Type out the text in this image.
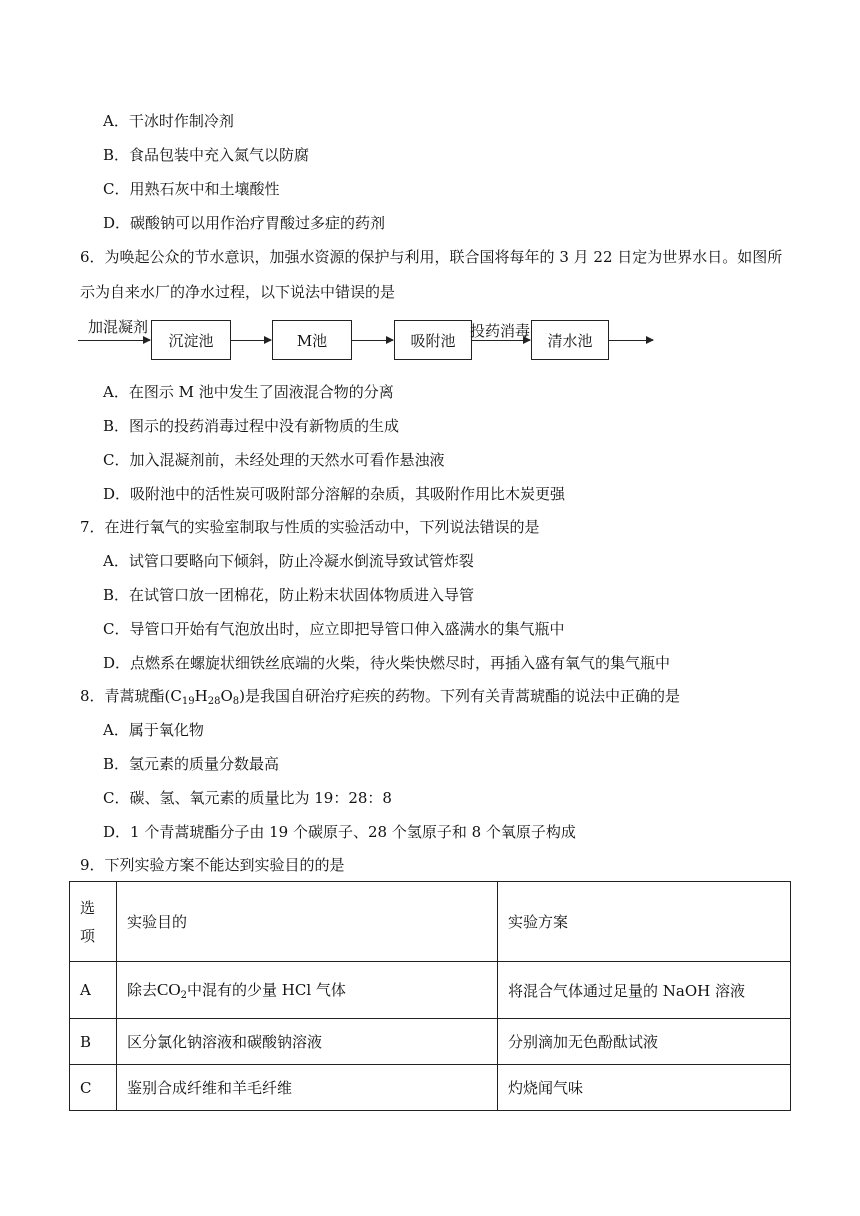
A．干冰时作制冷剂
B．食品包装中充入氮气以防腐
C．用熟石灰中和土壤酸性
D．碳酸钠可以用作治疗胃酸过多症的药剂
6．为唤起公众的节水意识，加强水资源的保护与利用，联合国将每年的 3 月 22 日定为世界水日。如图所
示为自来水厂的净水过程，以下说法中错误的是
加混凝剂
沉淀池	M池	吸附池
投药消毒
清水池
A．在图示 M 池中发生了固液混合物的分离
B．图示的投药消毒过程中没有新物质的生成
C．加入混凝剂前，未经处理的天然水可看作悬浊液
D．吸附池中的活性炭可吸附部分溶解的杂质，其吸附作用比木炭更强
7．在进行氧气的实验室制取与性质的实验活动中，下列说法错误的是
A．试管口要略向下倾斜，防止冷凝水倒流导致试管炸裂
B．在试管口放一团棉花，防止粉末状固体物质进入导管
C．导管口开始有气泡放出时，应立即把导管口伸入盛满水的集气瓶中
D．点燃系在螺旋状细铁丝底端的火柴，待火柴快燃尽时，再插入盛有氧气的集气瓶中
8．青蒿琥酯$(C_{19}H_{28}O_8)$是我国自研治疗疟疾的药物。下列有关青蒿琥酯的说法中正确的是
A．属于氧化物
B．氢元素的质量分数最高
C．碳、氢、氧元素的质量比为 19：28：8
D．1 个青蒿琥酯分子由 19 个碳原子、28 个氢原子和 8 个氧原子构成
9．下列实验方案不能达到实验目的的是
选
项	实验目的	实验方案
A	除去$CO_2$中混有的少量 HCl 气体	将混合气体通过足量的 NaOH 溶液
B	区分氯化钠溶液和碳酸钠溶液	分别滴加无色酚酞试液
C	鉴别合成纤维和羊毛纤维	灼烧闻气味
